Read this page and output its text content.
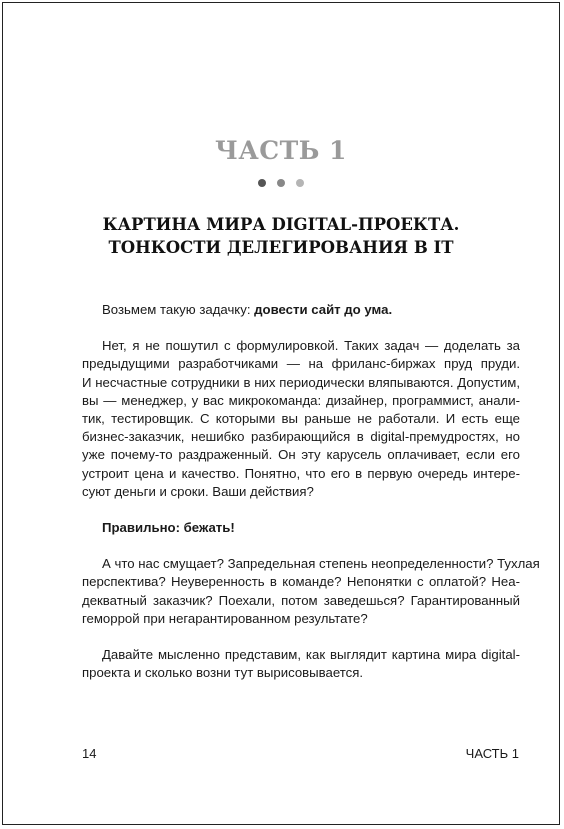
ЧАСТЬ 1
КАРТИНА МИРА DIGITAL-ПРОЕКТА.
ТОНКОСТИ ДЕЛЕГИРОВАНИЯ В IT

Возьмем такую задачку: довести сайт до ума.

Нет, я не пошутил с формулировкой. Таких задач — доделать за
предыдущими разработчиками — на фриланс-биржах пруд пруди.
И несчастные сотрудники в них периодически вляпываются. Допустим,
вы — менеджер, у вас микрокоманда: дизайнер, программист, анали-
тик, тестировщик. С которыми вы раньше не работали. И есть еще
бизнес-заказчик, нешибко разбирающийся в digital-премудростях, но
уже почему-то раздраженный. Он эту карусель оплачивает, если его
устроит цена и качество. Понятно, что его в первую очередь интере-
суют деньги и сроки. Ваши действия?

Правильно: бежать!

А что нас смущает? Запредельная степень неопределенности? Тухлая
перспектива? Неуверенность в команде? Непонятки с оплатой? Неа-
декватный заказчик? Поехали, потом заведешься? Гарантированный
геморрой при негарантированном результате?
Давайте мысленно представим, как выглядит картина мира digital-
проекта и сколько возни тут вырисовывается.
14	ЧАСТЬ 1
